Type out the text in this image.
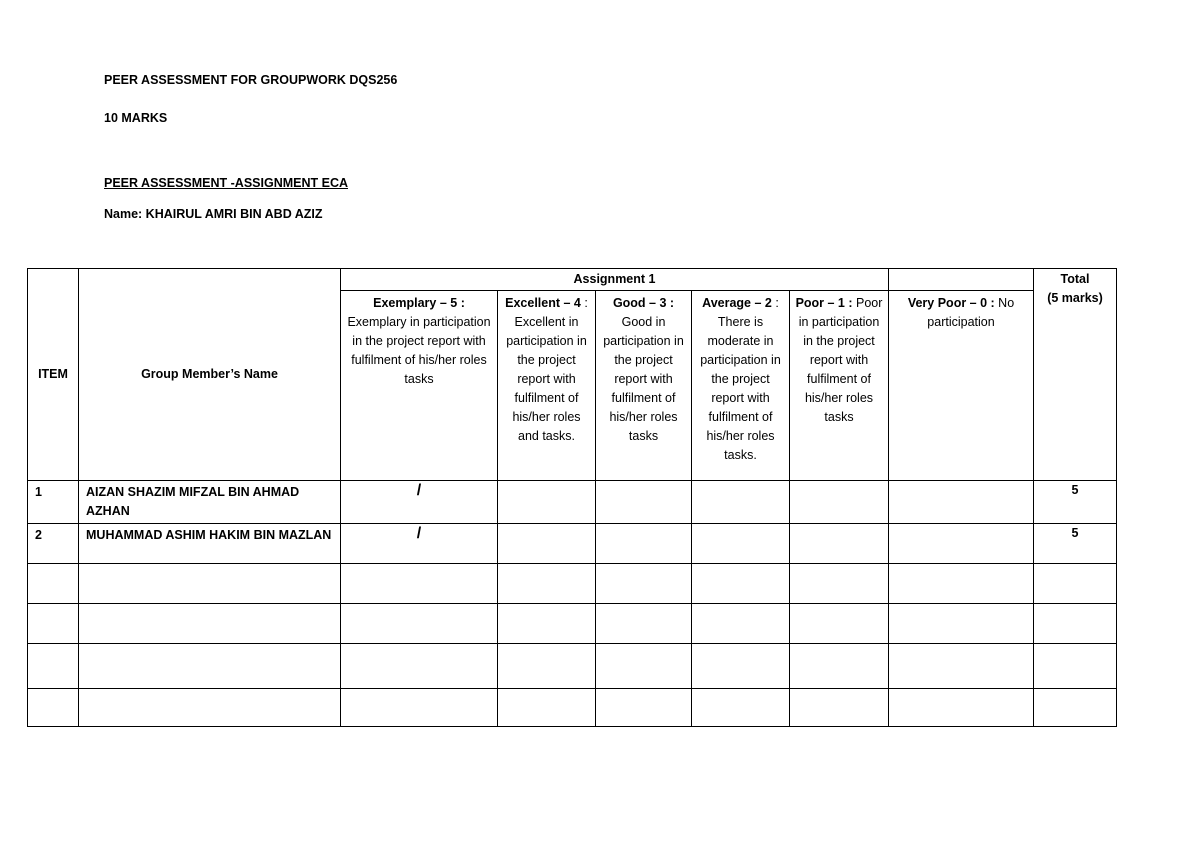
PEER ASSESSMENT FOR GROUPWORK DQS256
10 MARKS
PEER ASSESSMENT -ASSIGNMENT ECA
Name: KHAIRUL AMRI BIN ABD AZIZ
ITEM	Group Member’s Name	Assignment 1						Total
(5 marks)
		Exemplary – 5 : Exemplary in participation in the project report with fulfilment of his/her roles tasks	Excellent – 4 : Excellent in participation in the project report with fulfilment of his/her roles and tasks.	Good – 3 : Good in participation in the project report with fulfilment of his/her roles tasks	Average – 2 : There is moderate in participation in the project report with fulfilment of his/her roles tasks.	Poor – 1 : Poor in participation in the project report with fulfilment of his/her roles tasks	Very Poor – 0 : No participation	
1	AIZAN SHAZIM MIFZAL BIN AHMAD AZHAN	/						5
2	MUHAMMAD ASHIM HAKIM BIN MAZLAN	/						5
